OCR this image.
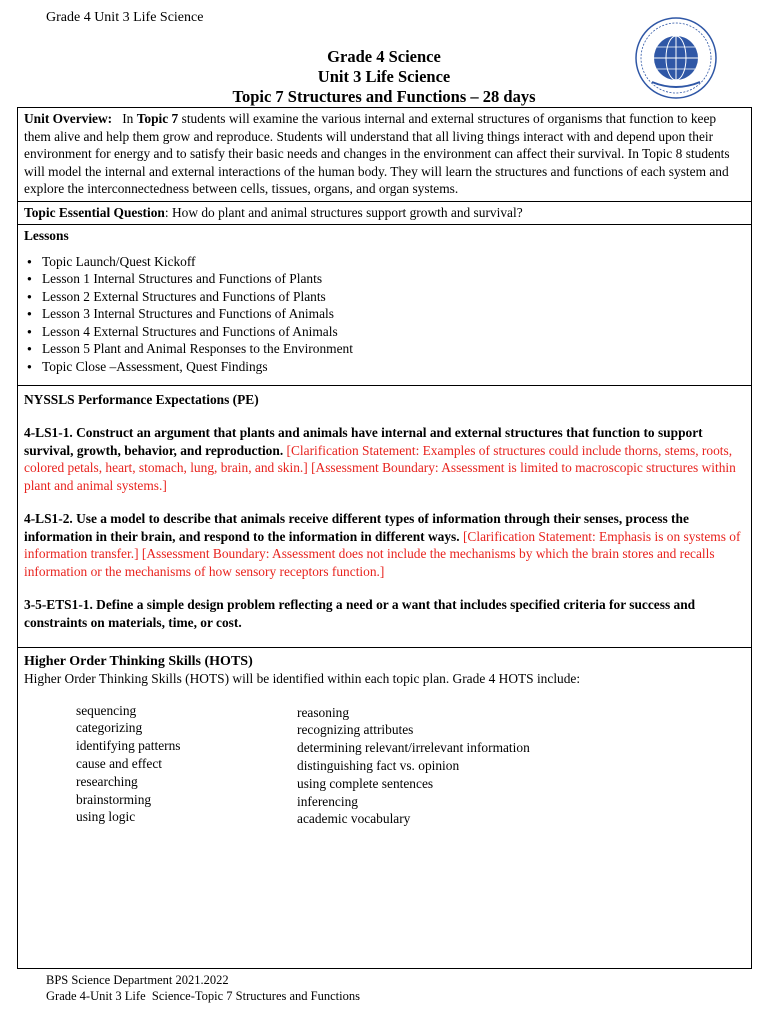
Grade 4 Unit 3 Life Science
Grade 4 Science
Unit 3 Life Science
Topic 7 Structures and Functions – 28 days
Unit Overview: In Topic 7 students will examine the various internal and external structures of organisms that function to keep them alive and help them grow and reproduce. Students will understand that all living things interact with and depend upon their environment for energy and to satisfy their basic needs and changes in the environment can affect their survival. In Topic 8 students will model the internal and external interactions of the human body. They will learn the structures and functions of each system and explore the interconnectedness between cells, tissues, organs, and organ systems.
Topic Essential Question: How do plant and animal structures support growth and survival?
Lessons
● Topic Launch/Quest Kickoff
● Lesson 1 Internal Structures and Functions of Plants
● Lesson 2 External Structures and Functions of Plants
● Lesson 3 Internal Structures and Functions of Animals
● Lesson 4 External Structures and Functions of Animals
● Lesson 5 Plant and Animal Responses to the Environment
● Topic Close –Assessment, Quest Findings
NYSSLS Performance Expectations (PE)
4-LS1-1. Construct an argument that plants and animals have internal and external structures that function to support survival, growth, behavior, and reproduction. [Clarification Statement: Examples of structures could include thorns, stems, roots, colored petals, heart, stomach, lung, brain, and skin.] [Assessment Boundary: Assessment is limited to macroscopic structures within plant and animal systems.]
4-LS1-2. Use a model to describe that animals receive different types of information through their senses, process the information in their brain, and respond to the information in different ways. [Clarification Statement: Emphasis is on systems of information transfer.] [Assessment Boundary: Assessment does not include the mechanisms by which the brain stores and recalls information or the mechanisms of how sensory receptors function.]
3-5-ETS1-1. Define a simple design problem reflecting a need or a want that includes specified criteria for success and constraints on materials, time, or cost.
Higher Order Thinking Skills (HOTS)
Higher Order Thinking Skills (HOTS) will be identified within each topic plan. Grade 4 HOTS include:
sequencing
categorizing
identifying patterns
cause and effect
researching
brainstorming
using logic
reasoning
recognizing attributes
determining relevant/irrelevant information
distinguishing fact vs. opinion
using complete sentences
inferencing
academic vocabulary
BPS Science Department 2021.2022
Grade 4-Unit 3 Life  Science-Topic 7 Structures and Functions
